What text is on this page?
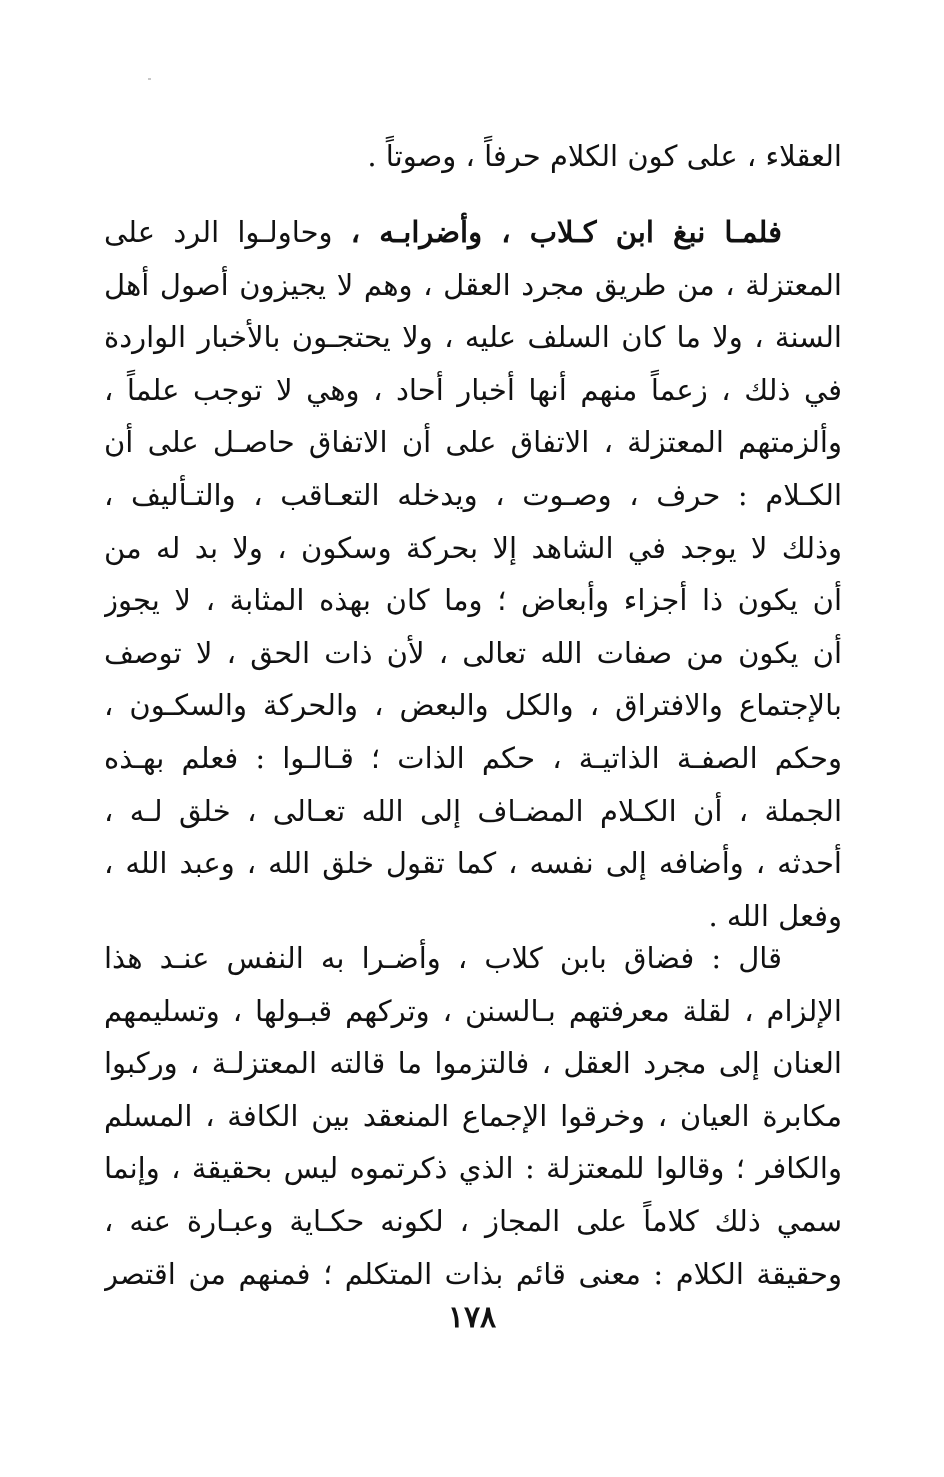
العقلاء ، على كون الكلام حرفاً ، وصوتاً .
فلمـا نبغ ابن كـلاب ، وأضرابـه ، وحاولـوا الرد على
المعتزلة ، من طريق مجرد العقل ، وهم لا يجيزون أصول أهل
السنة ، ولا ما كان السلف عليه ، ولا يحتجـون بالأخبار الواردة
في ذلك ، زعماً منهم أنها أخبار أحاد ، وهي لا توجب علماً ،
وألزمتهم المعتزلة ، الاتفاق على أن الاتفاق حاصـل على أن
الكـلام : حرف ، وصـوت ، ويدخله التعـاقب ، والتـأليف ،
وذلك لا يوجد في الشاهد إلا بحركة وسكون ، ولا بد له من
أن يكون ذا أجزاء وأبعاض ؛ وما كان بهذه المثابة ، لا يجوز
أن يكون من صفات الله تعالى ، لأن ذات الحق ، لا توصف
بالإجتماع والافتراق ، والكل والبعض ، والحركة والسكـون ،
وحكم الصفـة الذاتيـة ، حكم الذات ؛ قـالـوا : فعلم بهـذه
الجملة ، أن الكـلام المضـاف إلى الله تعـالى ، خلق لـه ،
أحدثه ، وأضافه إلى نفسه ، كما تقول خلق الله ، وعبد الله ،
وفعل الله .
قال : فضاق بابن كلاب ، وأضـرا به النفس عنـد هذا
الإلزام ، لقلة معرفتهم بـالسنن ، وتركهم قبـولها ، وتسليمهم
العنان إلى مجرد العقل ، فالتزموا ما قالته المعتزلـة ، وركبوا
مكابرة العيان ، وخرقوا الإجماع المنعقد بين الكافة ، المسلم
والكافر ؛ وقالوا للمعتزلة : الذي ذكرتموه ليس بحقيقة ، وإنما
سمي ذلك كلاماً على المجاز ، لكونه حكـاية وعبـارة عنه ،
وحقيقة الكلام : معنى قائم بذات المتكلم ؛ فمنهم من اقتصر
١٧٨
